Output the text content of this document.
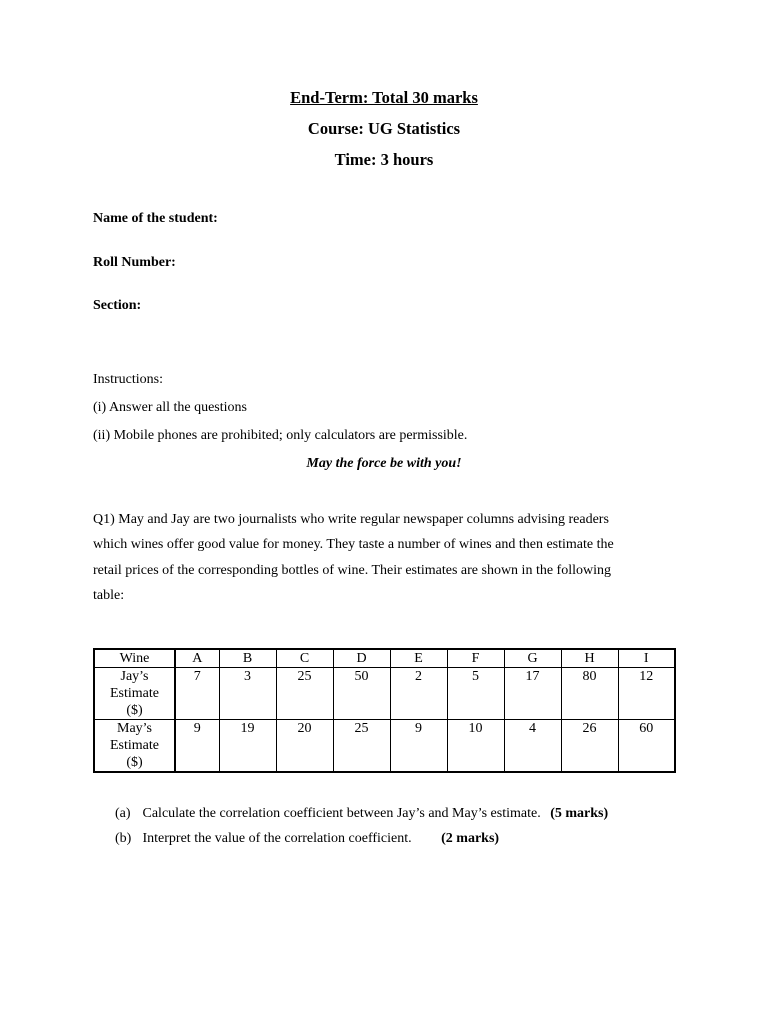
End-Term: Total 30 marks
Course: UG Statistics
Time: 3 hours
Name of the student:
Roll Number:
Section:
Instructions:
(i) Answer all the questions
(ii) Mobile phones are prohibited; only calculators are permissible.
May the force be with you!
Q1) May and Jay are two journalists who write regular newspaper columns advising readers
which wines offer good value for money. They taste a number of wines and then estimate the
retail prices of the corresponding bottles of wine. Their estimates are shown in the following
table:
Wine	A	B	C	D	E	F	G	H	I

Jay’s
Estimate
($)	7	3	25	50	2	5	17	80	12

May’s
Estimate
($)	9	19	20	25	9	10	4	26	60
(a) Calculate the correlation coefficient between Jay’s and May’s estimate. (5 marks)
(b) Interpret the value of the correlation coefficient. (2 marks)
